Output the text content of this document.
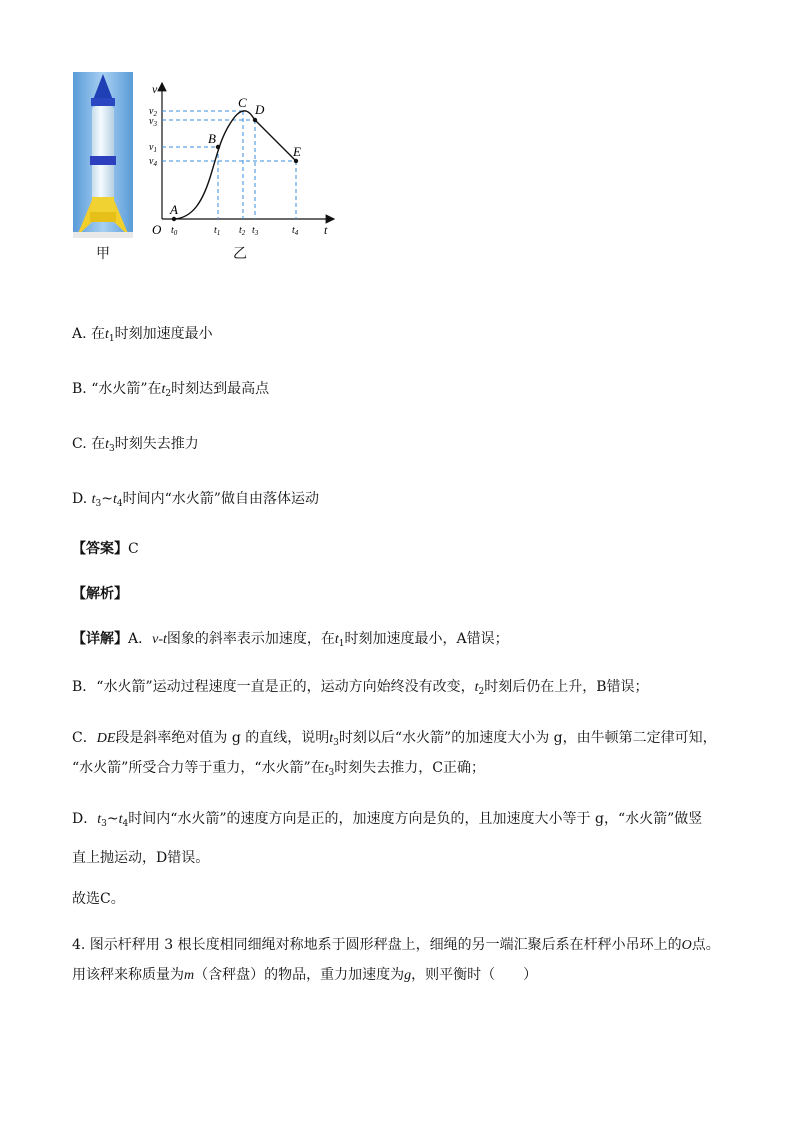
甲
v
t
O
$v_2$
$v_3$
$v_1$
$v_4$
$t_0$	$t_1$ $t_2$ $t_3$	$t_4$
A
B
C D
E
乙
A. 在$t_1$时刻加速度最小
B. “水火箭”在$t_2$时刻达到最高点
C. 在$t_3$时刻失去推力
D. $t_3\sim t_4$时间内“水火箭”做自由落体运动
【答案】C
【解析】
【详解】A．v-t图象的斜率表示加速度，在$t_1$时刻加速度最小，A错误；
B．“水火箭”运动过程速度一直是正的，运动方向始终没有改变，$t_2$时刻后仍在上升，B错误；
C．DE段是斜率绝对值为 g 的直线，说明$t_3$时刻以后“水火箭”的加速度大小为 g，由牛顿第二定律可知，
“水火箭”所受合力等于重力，“水火箭”在$t_3$时刻失去推力，C正确；
D．$t_3\sim t_4$时间内“水火箭”的速度方向是正的，加速度方向是负的，且加速度大小等于 g，“水火箭”做竖
直上抛运动，D错误。
故选C。
4. 图示杆秤用 3 根长度相同细绳对称地系于圆形秤盘上，细绳的另一端汇聚后系在杆秤小吊环上的O点。
用该秤来称质量为m（含秤盘）的物品，重力加速度为g，则平衡时（　　）
